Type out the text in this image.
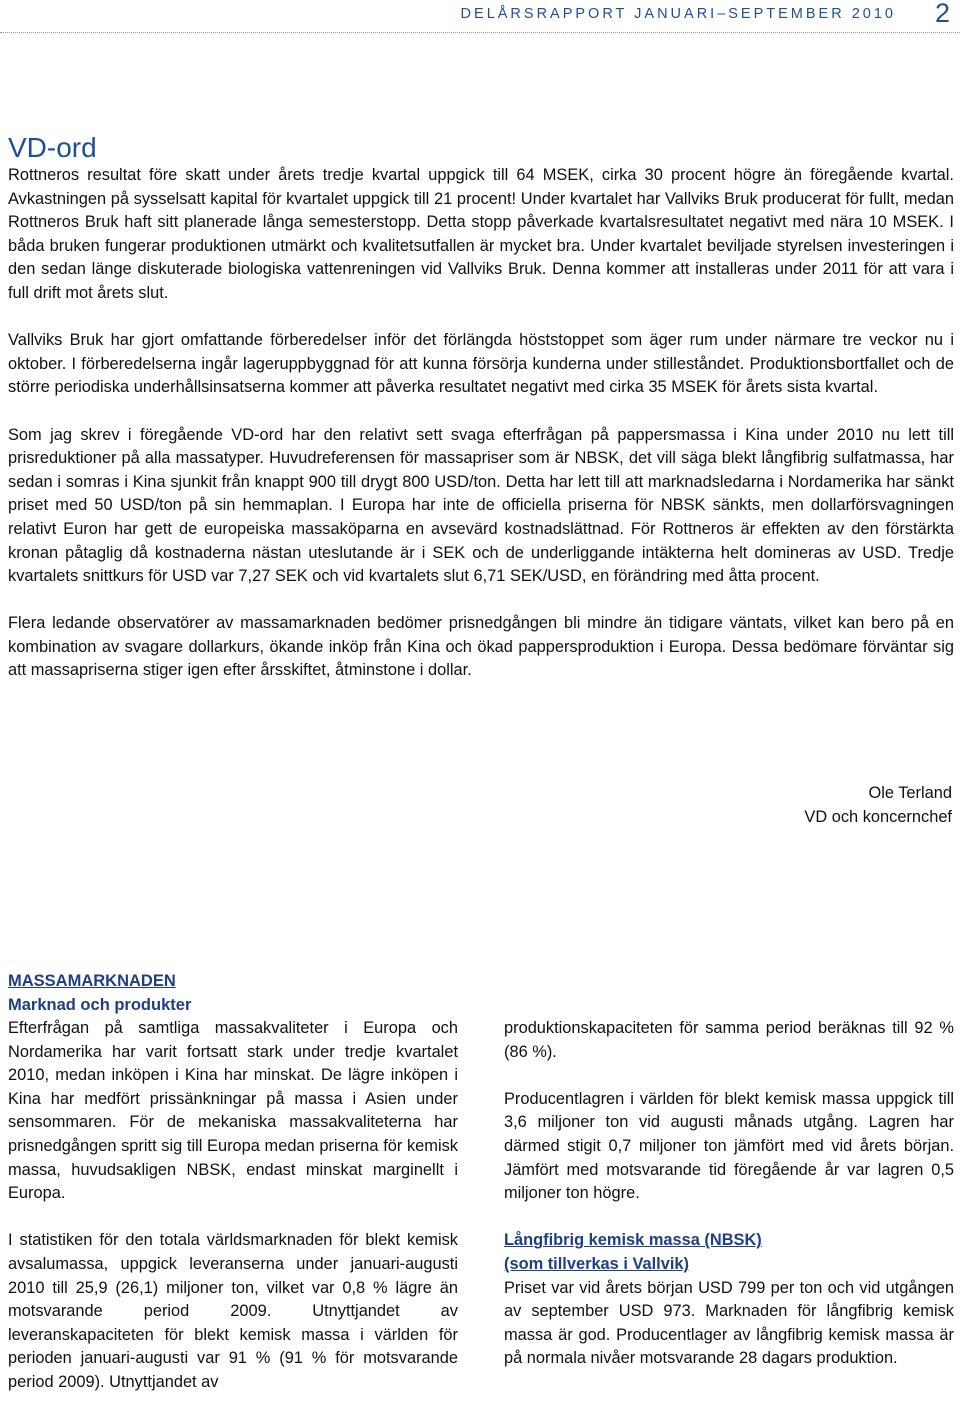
DELÅRSRAPPORT JANUARI–SEPTEMBER 2010 2
VD-ord

Rottneros resultat före skatt under årets tredje kvartal uppgick till 64 MSEK, cirka 30 procent högre än föregående kvartal. Avkastningen på sysselsatt kapital för kvartalet uppgick till 21 procent! Under kvartalet har Vallviks Bruk producerat för fullt, medan Rottneros Bruk haft sitt planerade långa semesterstopp. Detta stopp påverkade kvartalsresultatet negativt med nära 10 MSEK. I båda bruken fungerar produktionen utmärkt och kvalitetsutfallen är mycket bra. Under kvartalet beviljade styrelsen investeringen i den sedan länge diskuterade biologiska vattenreningen vid Vallviks Bruk. Denna kommer att installeras under 2011 för att vara i full drift mot årets slut.

Vallviks Bruk har gjort omfattande förberedelser inför det förlängda höststoppet som äger rum under närmare tre veckor nu i oktober. I förberedelserna ingår lageruppbyggnad för att kunna försörja kunderna under stilleståndet. Produktionsbortfallet och de större periodiska underhållsinsatserna kommer att påverka resultatet negativt med cirka 35 MSEK för årets sista kvartal.

Som jag skrev i föregående VD-ord har den relativt sett svaga efterfrågan på pappersmassa i Kina under 2010 nu lett till prisreduktioner på alla massatyper. Huvudreferensen för massapriser som är NBSK, det vill säga blekt långfibrig sulfatmassa, har sedan i somras i Kina sjunkit från knappt 900 till drygt 800 USD/ton. Detta har lett till att marknadsledarna i Nordamerika har sänkt priset med 50 USD/ton på sin hemmaplan. I Europa har inte de officiella priserna för NBSK sänkts, men dollarförsvagningen relativt Euron har gett de europeiska massaköparna en avsevärd kostnadslättnad. För Rottneros är effekten av den förstärkta kronan påtaglig då kostnaderna nästan uteslutande är i SEK och de underliggande intäkterna helt domineras av USD. Tredje kvartalets snittkurs för USD var 7,27 SEK och vid kvartalets slut 6,71 SEK/USD, en förändring med åtta procent.

Flera ledande observatörer av massamarknaden bedömer prisnedgången bli mindre än tidigare väntats, vilket kan bero på en kombination av svagare dollarkurs, ökande inköp från Kina och ökad pappersproduktion i Europa. Dessa bedömare förväntar sig att massapriserna stiger igen efter årsskiftet, åtminstone i dollar.

Ole Terland
VD och koncernchef
MASSAMARKNADEN
Marknad och produkter

Efterfrågan på samtliga massakvaliteter i Europa och Nordamerika har varit fortsatt stark under tredje kvartalet 2010, medan inköpen i Kina har minskat. De lägre inköpen i Kina har medfört prissänkningar på massa i Asien under sensommaren. För de mekaniska massakvaliteterna har prisnedgången spritt sig till Europa medan priserna för kemisk massa, huvudsakligen NBSK, endast minskat marginellt i Europa.

I statistiken för den totala världsmarknaden för blekt kemisk avsalumassa, uppgick leveranserna under januari-augusti 2010 till 25,9 (26,1) miljoner ton, vilket var 0,8 % lägre än motsvarande period 2009. Utnyttjandet av leveranskapaciteten för blekt kemisk massa i världen för perioden januari-augusti var 91 % (91 % för motsvarande period 2009). Utnyttjandet av

produktionskapaciteten för samma period beräknas till 92 % (86 %).

Producentlagren i världen för blekt kemisk massa uppgick till 3,6 miljoner ton vid augusti månads utgång. Lagren har därmed stigit 0,7 miljoner ton jämfört med vid årets början. Jämfört med motsvarande tid föregående år var lagren 0,5 miljoner ton högre.

Långfibrig kemisk massa (NBSK)
(som tillverkas i Vallvik)

Priset var vid årets början USD 799 per ton och vid utgången av september USD 973. Marknaden för långfibrig kemisk massa är god. Producentlager av långfibrig kemisk massa är på normala nivåer motsvarande 28 dagars produktion.
